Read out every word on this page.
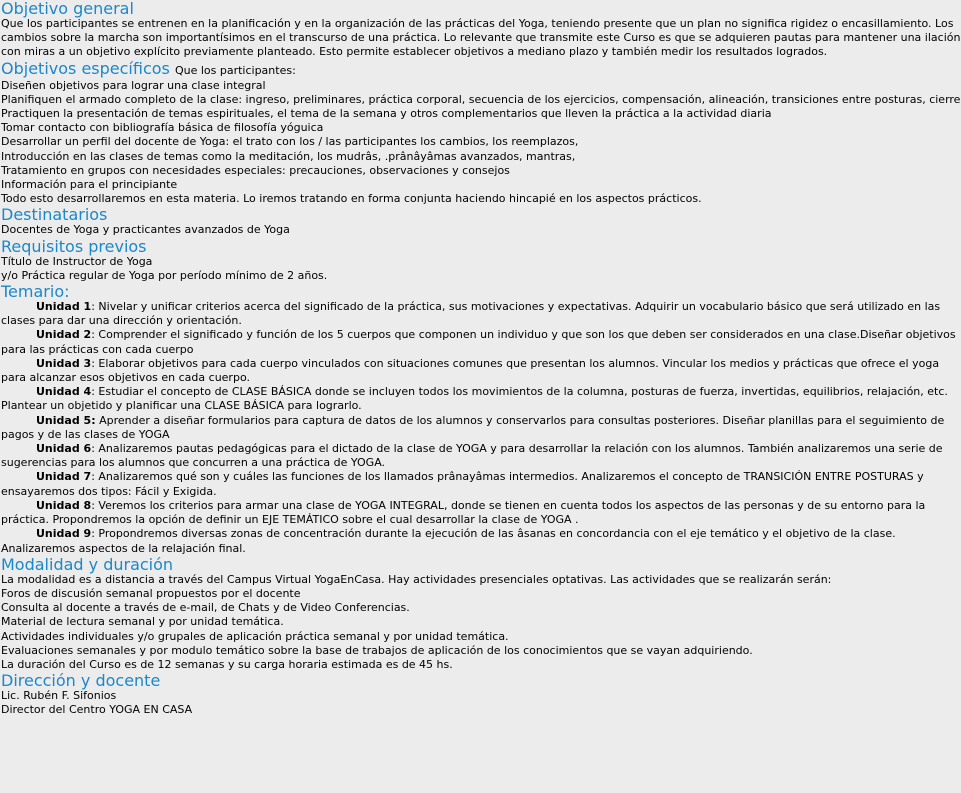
Objetivo general

Que los participantes se entrenen en la planificación y en la organización de las prácticas del Yoga, teniendo presente que un plan no significa rigidez o encasillamiento. Los cambios sobre la marcha son importantísimos en el transcurso de una práctica. Lo relevante que transmite este Curso es que se adquieren pautas para mantener una ilación con miras a un objetivo explícito previamente planteado. Esto permite establecer objetivos a mediano plazo y también medir los resultados logrados.

Objetivos específicos Que los participantes:

Diseñen objetivos para lograr una clase integral

Planifiquen el armado completo de la clase: ingreso, preliminares, práctica corporal, secuencia de los ejercicios, compensación, alineación, transiciones entre posturas, cierre

Practiquen la presentación de temas espirituales, el tema de la semana y otros complementarios que lleven la práctica a la actividad diaria

Tomar contacto con bibliografía básica de filosofía yóguica

Desarrollar un perfil del docente de Yoga: el trato con los / las participantes los cambios, los reemplazos,

Introducción en las clases de temas como la meditación, los mudrâs, .prânâyâmas avanzados, mantras,

Tratamiento en grupos con necesidades especiales: precauciones, observaciones y consejos

Información para el principiante

Todo esto desarrollaremos en esta materia. Lo iremos tratando en forma conjunta haciendo hincapié en los aspectos prácticos.

Destinatarios

Docentes de Yoga y practicantes avanzados de Yoga

Requisitos previos

Título de Instructor de Yoga

y/o Práctica regular de Yoga por período mínimo de 2 años.

Temario:

Unidad 1: Nivelar y unificar criterios acerca del significado de la práctica, sus motivaciones y expectativas. Adquirir un vocabulario básico que será utilizado en las clases para dar una dirección y orientación.

Unidad 2: Comprender el significado y función de los 5 cuerpos que componen un individuo y que son los que deben ser considerados en una clase.Diseñar objetivos para las prácticas con cada cuerpo

Unidad 3: Elaborar objetivos para cada cuerpo vinculados con situaciones comunes que presentan los alumnos. Vincular los medios y prácticas que ofrece el yoga para alcanzar esos objetivos en cada cuerpo.

Unidad 4: Estudiar el concepto de CLASE BÁSICA donde se incluyen todos los movimientos de la columna, posturas de fuerza, invertidas, equilibrios, relajación, etc. Plantear un objetido y planificar una CLASE BÁSICA para lograrlo.

Unidad 5: Aprender a diseñar formularios para captura de datos de los alumnos y conservarlos para consultas posteriores. Diseñar planillas para el seguimiento de pagos y de las clases de YOGA

Unidad 6: Analizaremos pautas pedagógicas para el dictado de la clase de YOGA y para desarrollar la relación con los alumnos. También analizaremos una serie de sugerencias para los alumnos que concurren a una práctica de YOGA.

Unidad 7: Analizaremos qué son y cuáles las funciones de los llamados prânayâmas intermedios. Analizaremos el concepto de TRANSICIÓN ENTRE POSTURAS y ensayaremos dos tipos: Fácil y Exigida.

Unidad 8: Veremos los criterios para armar una clase de YOGA INTEGRAL, donde se tienen en cuenta todos los aspectos de las personas y de su entorno para la práctica. Propondremos la opción de definir un EJE TEMÁTICO sobre el cual desarrollar la clase de YOGA .

Unidad 9: Propondremos diversas zonas de concentración durante la ejecución de las âsanas en concordancia con el eje temático y el objetivo de la clase. Analizaremos aspectos de la relajación final.

Modalidad y duración

La modalidad es a distancia a través del Campus Virtual YogaEnCasa. Hay actividades presenciales optativas. Las actividades que se realizarán serán:

Foros de discusión semanal propuestos por el docente

Consulta al docente a través de e-mail, de Chats y de Video Conferencias.

Material de lectura semanal y por unidad temática.

Actividades individuales y/o grupales de aplicación práctica semanal y por unidad temática.

Evaluaciones semanales y por modulo temático sobre la base de trabajos de aplicación de los conocimientos que se vayan adquiriendo.

La duración del Curso es de 12 semanas y su carga horaria estimada es de 45 hs.

Dirección y docente

Lic. Rubén F. Sifonios

Director del Centro YOGA EN CASA
